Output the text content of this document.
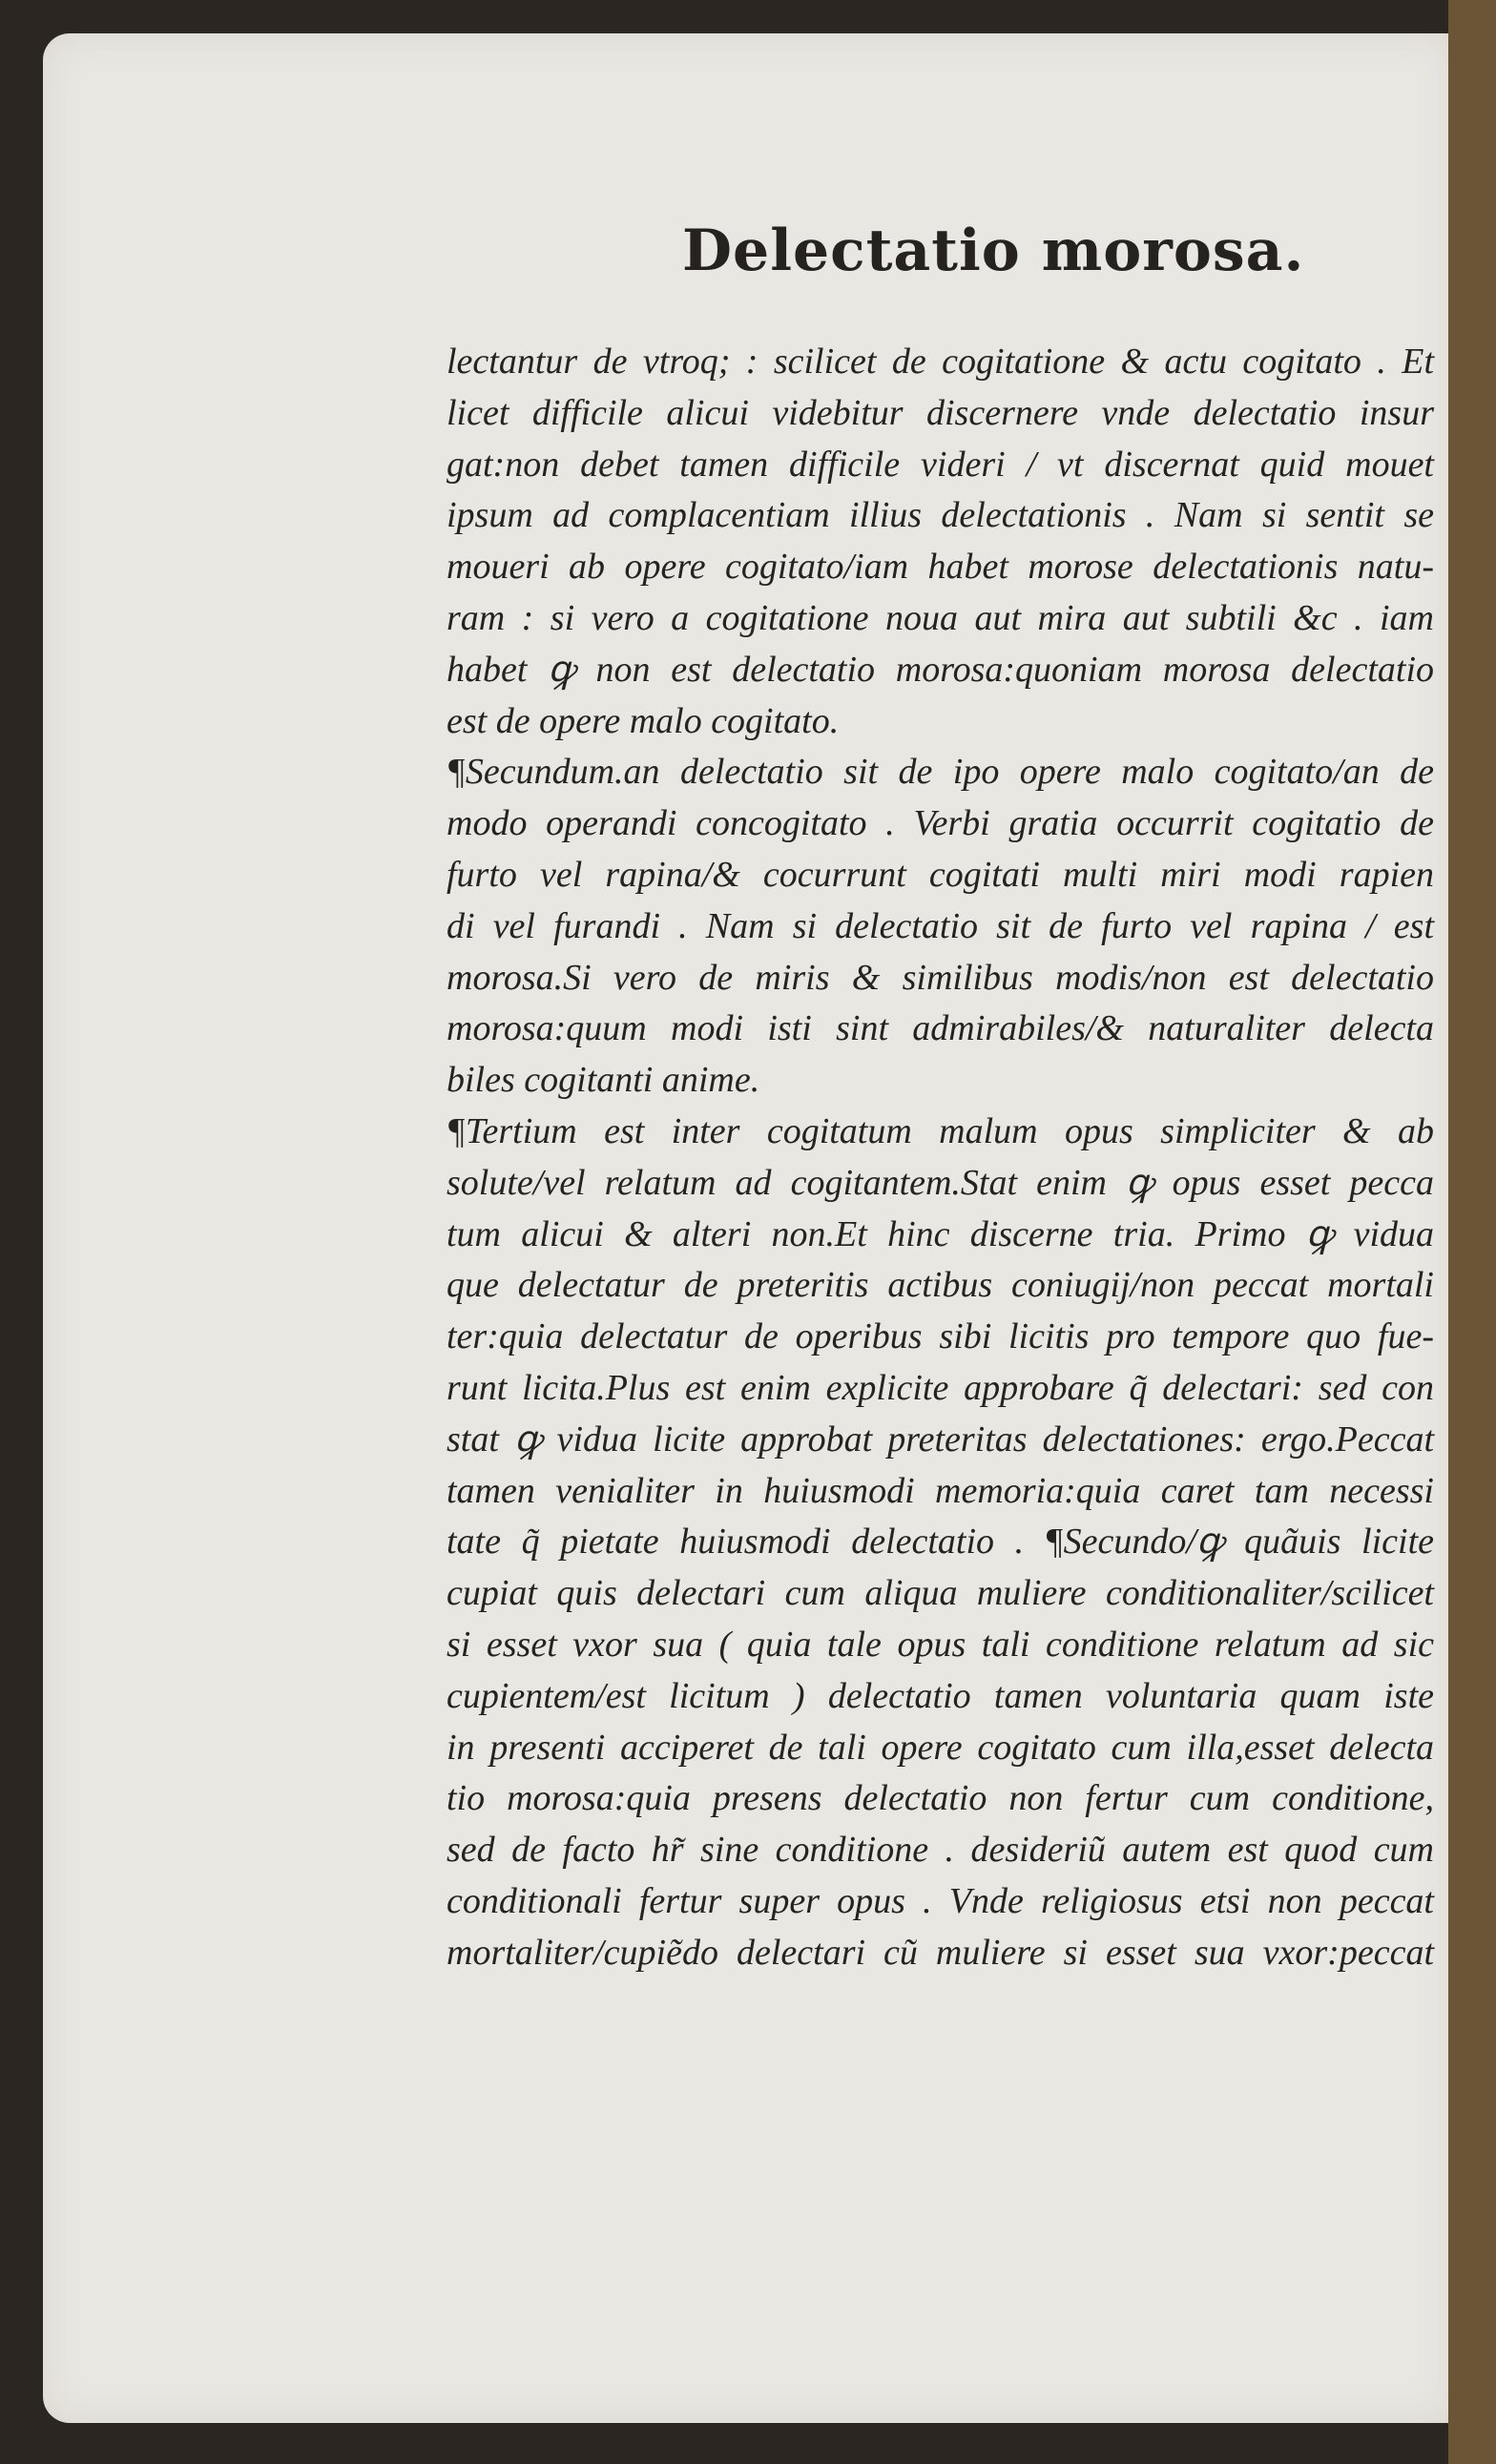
Delectatio morosa.
lectantur de vtroq; : scilicet de cogitatione & actu cogitato . Et
licet difficile alicui videbitur discernere vnde delectatio insur
gat:non debet tamen difficile videri / vt discernat quid mouet
ipsum ad complacentiam illius delectationis . Nam si sentit se
moueri ab opere cogitato/iam habet morose delectationis natu-
ram : si vero a cogitatione noua aut mira aut subtili &c . iam
habet ꝙ non est delectatio morosa:quoniam morosa delectatio
est de opere malo cogitato.
¶Secundum.an delectatio sit de ipo opere malo cogitato/an de
modo operandi concogitato . Verbi gratia occurrit cogitatio de
furto vel rapina/& cocurrunt cogitati multi miri modi rapien
di vel furandi . Nam si delectatio sit de furto vel rapina / est
morosa.Si vero de miris & similibus modis/non est delectatio
morosa:quum modi isti sint admirabiles/& naturaliter delecta
biles cogitanti anime.
¶Tertium est inter cogitatum malum opus simpliciter & ab
solute/vel relatum ad cogitantem.Stat enim ꝙ opus esset pecca
tum alicui & alteri non.Et hinc discerne tria. Primo ꝙ vidua
que delectatur de preteritis actibus coniugij/non peccat mortali
ter:quia delectatur de operibus sibi licitis pro tempore quo fue-
runt licita.Plus est enim explicite approbare q̃ delectari: sed con
stat ꝙ vidua licite approbat preteritas delectationes: ergo.Peccat
tamen venialiter in huiusmodi memoria:quia caret tam necessi
tate q̃ pietate huiusmodi delectatio . ¶Secundo/ꝙ quãuis licite
cupiat quis delectari cum aliqua muliere conditionaliter/scilicet
si esset vxor sua ( quia tale opus tali conditione relatum ad sic
cupientem/est licitum ) delectatio tamen voluntaria quam iste
in presenti acciperet de tali opere cogitato cum illa,esset delecta
tio morosa:quia presens delectatio non fertur cum conditione,
sed de facto hr̃ sine conditione . desideriũ autem est quod cum
conditionali fertur super opus . Vnde religiosus etsi non peccat
mortaliter/cupiẽdo delectari cũ muliere si esset sua vxor:peccat
